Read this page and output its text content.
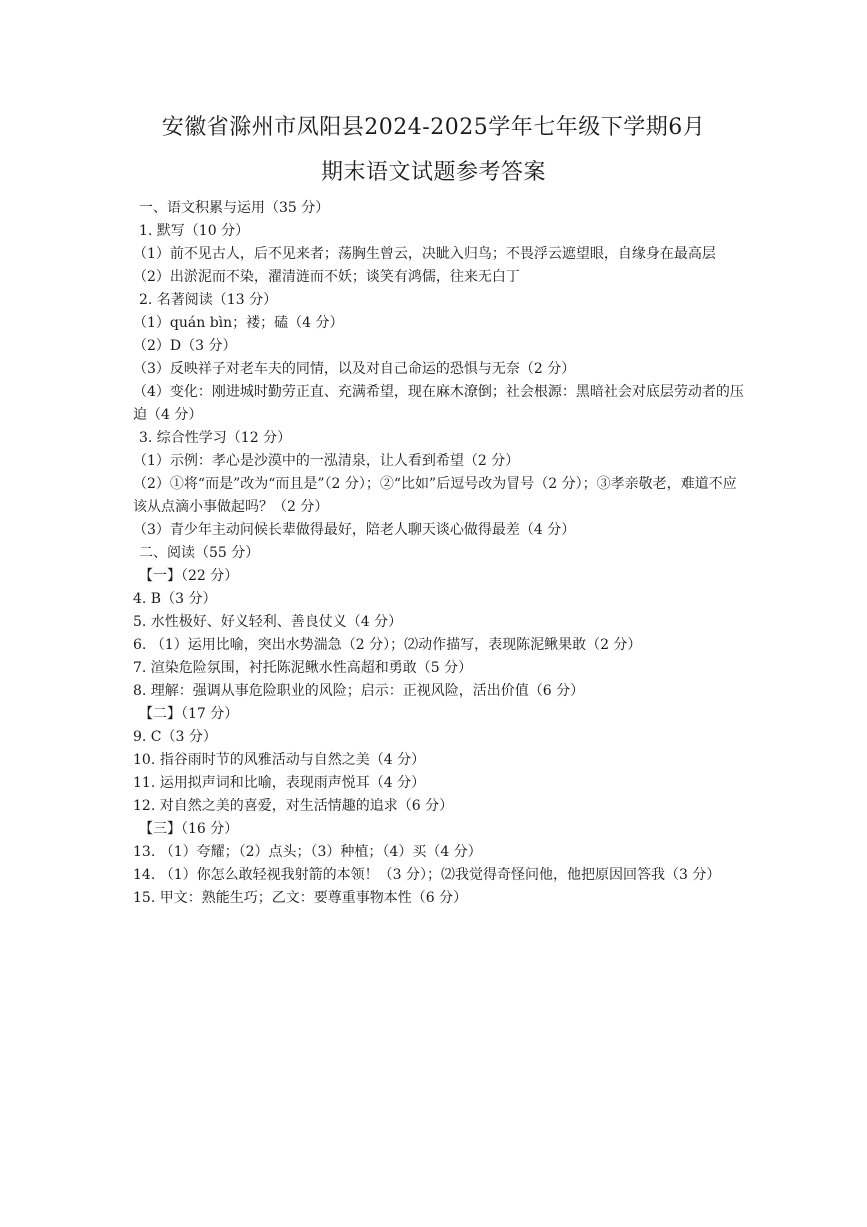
安徽省滁州市凤阳县2024-2025学年七年级下学期6月
期末语文试题参考答案

一、语文积累与运用（35 分）

1. 默写（10 分）

（1）前不见古人，后不见来者；荡胸生曾云，决眦入归鸟；不畏浮云遮望眼，自缘身在最高层

（2）出淤泥而不染，濯清涟而不妖；谈笑有鸿儒，往来无白丁

2. 名著阅读（13 分）

（1）quán bìn；褛；磕（4 分）

（2）D（3 分）

（3）反映祥子对老车夫的同情，以及对自己命运的恐惧与无奈（2 分）

（4）变化：刚进城时勤劳正直、充满希望，现在麻木潦倒；社会根源：黑暗社会对底层劳动者的压迫（4 分）

3. 综合性学习（12 分）

（1）示例：孝心是沙漠中的一泓清泉，让人看到希望（2 分）

（2）①将“而是”改为“而且是”（2 分）；②“比如”后逗号改为冒号（2 分）；③孝亲敬老，难道不应该从点滴小事做起吗？（2 分）

（3）青少年主动问候长辈做得最好，陪老人聊天谈心做得最差（4 分）

二、阅读（55 分）

【一】（22 分）

4. B（3 分）

5. 水性极好、好义轻利、善良仗义（4 分）

6. （1）运用比喻，突出水势湍急（2 分）；⑵动作描写，表现陈泥鳅果敢（2 分）

7. 渲染危险氛围，衬托陈泥鳅水性高超和勇敢（5 分）

8. 理解：强调从事危险职业的风险；启示：正视风险，活出价值（6 分）

【二】（17 分）

9. C（3 分）

10. 指谷雨时节的风雅活动与自然之美（4 分）

11. 运用拟声词和比喻，表现雨声悦耳（4 分）

12. 对自然之美的喜爱，对生活情趣的追求（6 分）

【三】（16 分）

13. （1）夸耀；（2）点头；（3）种植；（4）买（4 分）

14. （1）你怎么敢轻视我射箭的本领！（3 分）；⑵我觉得奇怪问他，他把原因回答我（3 分）

15. 甲文：熟能生巧；乙文：要尊重事物本性（6 分）
